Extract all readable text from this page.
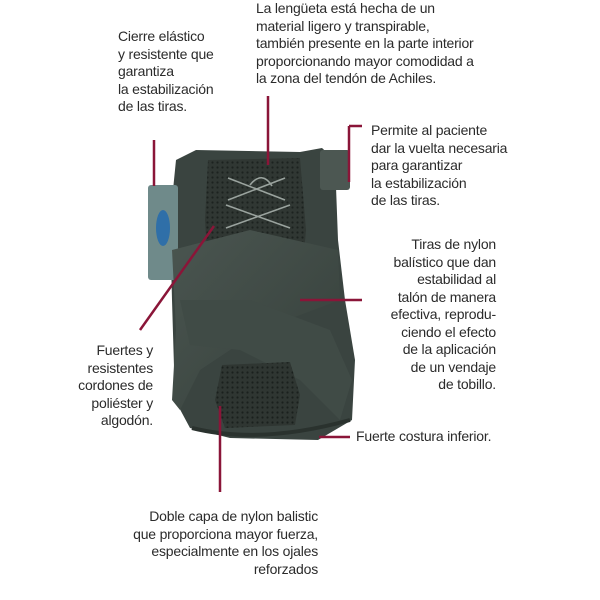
Cierre elástico
y resistente que
garantiza
la estabilización
de las tiras.
La lengüeta está hecha de un
material ligero y transpirable,
también presente en la parte interior
proporcionando mayor comodidad a
la zona del tendón de Achiles.
Permite al paciente
dar la vuelta necesaria
para garantizar
la estabilización
de las tiras.
Tiras de nylon
balístico que dan
estabilidad al
talón de manera
efectiva, reprodu-
ciendo el efecto
de la aplicación
de un vendaje
de tobillo.
Fuertes y
resistentes
cordones de
poliéster y
algodón.
Fuerte costura inferior.
Doble capa de nylon balistic
que proporciona mayor fuerza,
especialmente en los ojales
reforzados
